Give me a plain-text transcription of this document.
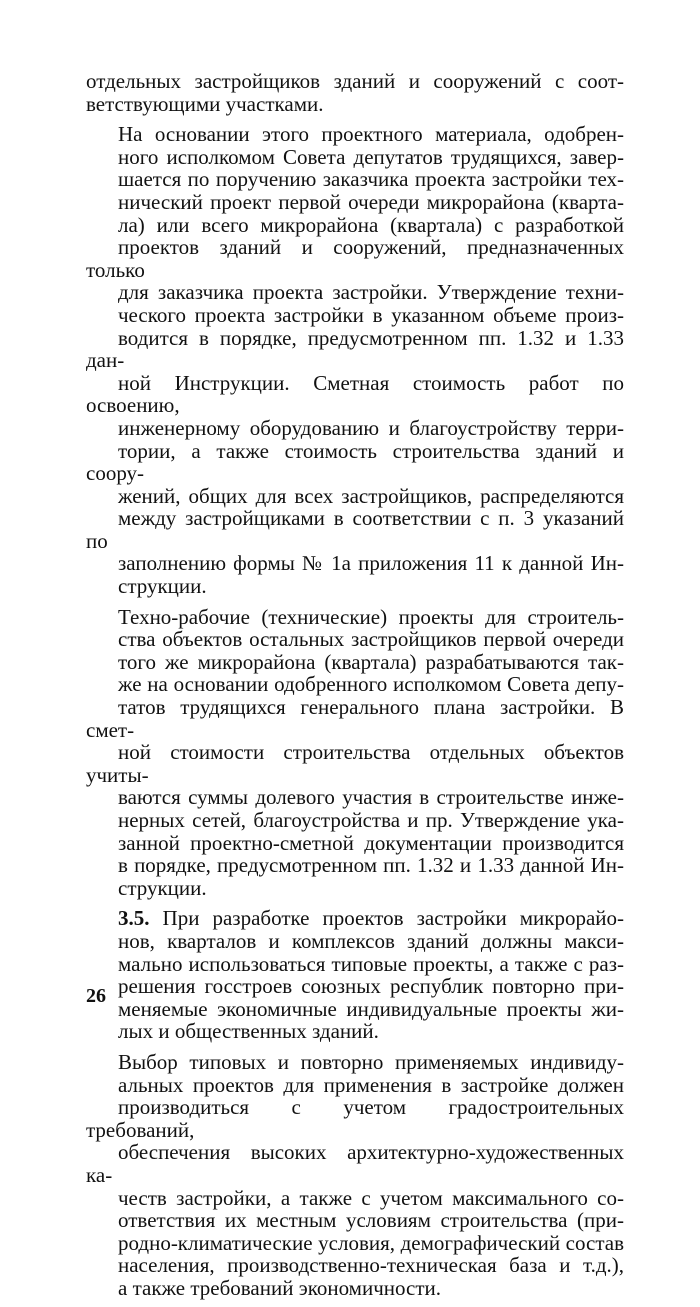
отдельных застройщиков зданий и сооружений с соот-
ветствующими участками.
На основании этого проектного материала, одобрен-
ного исполкомом Совета депутатов трудящихся, завер-
шается по поручению заказчика проекта застройки тех-
нический проект первой очереди микрорайона (кварта-
ла) или всего микрорайона (квартала) с разработкой
проектов зданий и сооружений, предназначенных только
для заказчика проекта застройки. Утверждение техни-
ческого проекта застройки в указанном объеме произ-
водится в порядке, предусмотренном пп. 1.32 и 1.33 дан-
ной Инструкции. Сметная стоимость работ по освоению,
инженерному оборудованию и благоустройству терри-
тории, а также стоимость строительства зданий и соору-
жений, общих для всех застройщиков, распределяются
между застройщиками в соответствии с п. 3 указаний по
заполнению формы № 1а приложения 11 к данной Ин-
струкции.
Техно-рабочие (технические) проекты для строитель-
ства объектов остальных застройщиков первой очереди
того же микрорайона (квартала) разрабатываются так-
же на основании одобренного исполкомом Совета депу-
татов трудящихся генерального плана застройки. В смет-
ной стоимости строительства отдельных объектов учиты-
ваются суммы долевого участия в строительстве инже-
нерных сетей, благоустройства и пр. Утверждение ука-
занной проектно-сметной документации производится
в порядке, предусмотренном пп. 1.32 и 1.33 данной Ин-
струкции.
3.5. При разработке проектов застройки микрорайо-
нов, кварталов и комплексов зданий должны макси-
мально использоваться типовые проекты, а также с раз-
решения госстроев союзных республик повторно при-
меняемые экономичные индивидуальные проекты жи-
лых и общественных зданий.
Выбор типовых и повторно применяемых индивиду-
альных проектов для применения в застройке должен
производиться с учетом градостроительных требований,
обеспечения высоких архитектурно-художественных ка-
честв застройки, а также с учетом максимального со-
ответствия их местным условиям строительства (при-
родно-климатические условия, демографический состав
населения, производственно-техническая база и т.д.),
а также требований экономичности.
26
